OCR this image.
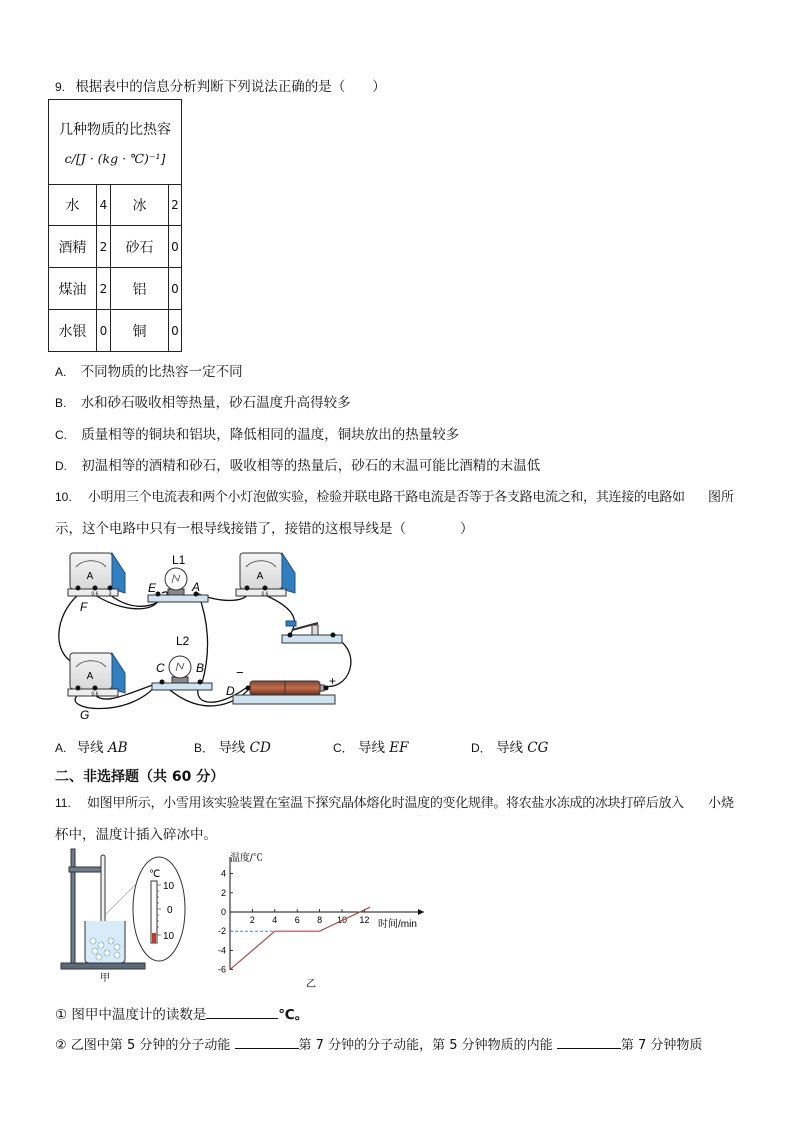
9. 根据表中的信息分析判断下列说法正确的是（　　）
几种物质的比热容
c/[J · (kg · ℃)⁻¹]			

水	4	冰	2
酒精	2	砂石	0
煤油	2	铝	0
水银	0	铜	0
A. 不同物质的比热容一定不同
B. 水和砂石吸收相等热量，砂石温度升高得较多
C. 质量相等的铜块和铝块，降低相同的温度，铜块放出的热量较多
D. 初温相等的酒精和砂石，吸收相等的热量后，砂石的末温可能比酒精的末温低
10. 小明用三个电流表和两个小灯泡做实验，检验并联电路干路电流是否等于各支路电流之和，其连接的电路如 图所
示，这个电路中只有一根导线接错了，接错的这根导线是（　　　　）
A
0.6 3
F
L1
E	A
A
0.6
L2
C	B
A
0.6
G
−
+
D
A. 导线 AB	B． 导线 CD	C． 导线 EF	D． 导线 CG
二、非选择题（共 60 分）
11. 如图甲所示，小雪用该实验装置在室温下探究晶体熔化时温度的变化规律。将农盐水冻成的冰块打碎后放入 小烧
杯中，温度计插入碎冰中。
℃
10
0
10
甲
温度/℃
时间/min
乙
2 4 6 8 10 12
4
2
0
-2
-4
-6
① 图甲中温度计的读数是	℃。
② 乙图中第 5 分钟的分子动能	第 7 分钟的分子动能，第 5 分钟物质的内能	第 7 分钟物质
